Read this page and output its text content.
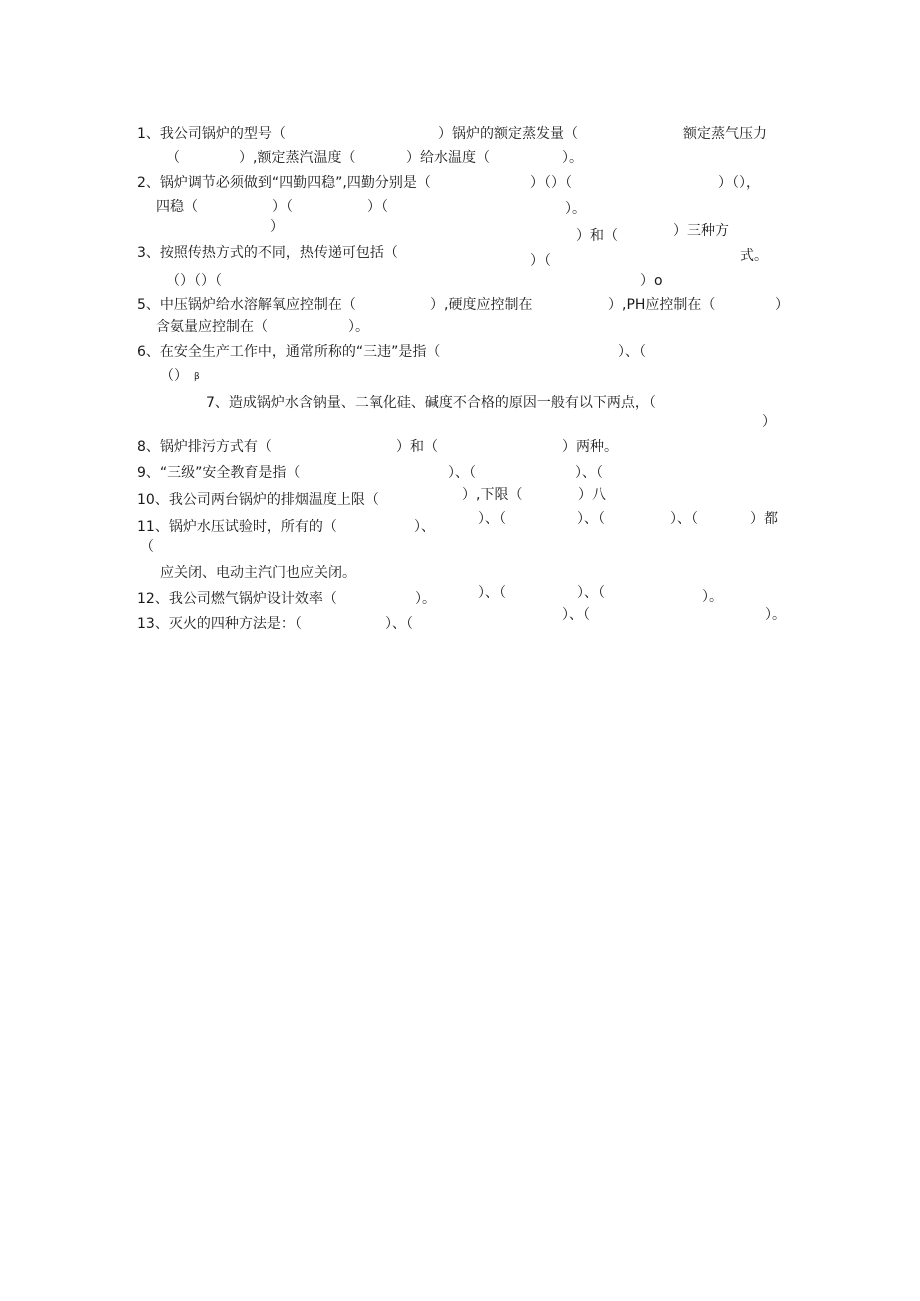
1、我公司锅炉的型号（	）锅炉的额定蒸发量（	额定蒸气压力
（	）,额定蒸汽温度（	）给水温度（	）。
2、锅炉调节必须做到“四勤四稳”,四勤分别是（	）（）（	）（），
四稳（	）（	）（	）。
）
）和（	）三种方
3、按照传热方式的不同，热传递可包括（	）（	式。
（）（）（	）o
5、中压锅炉给水溶解氧应控制在（	）,硬度应控制在	）,PH应控制在（	）
含氨量应控制在（	）。
6、在安全生产工作中，通常所称的“三违”是指（	）、（
（） β
7、造成锅炉水含钠量、二氧化硅、碱度不合格的原因一般有以下两点，（
）
8、锅炉排污方式有（	）和（	）两种。
9、“三级”安全教育是指（	）、（	）、（
10、我公司两台锅炉的排烟温度上限（	）,下限（	）八
11、锅炉水压试验时，所有的（	）、	）、（	）、（	）、（	）都
（
应关闭、电动主汽门也应关闭。
12、我公司燃气锅炉设计效率（	）。	）、（	）、（	）。
13、灭火的四种方法是：（	）、（
）、（	）。
